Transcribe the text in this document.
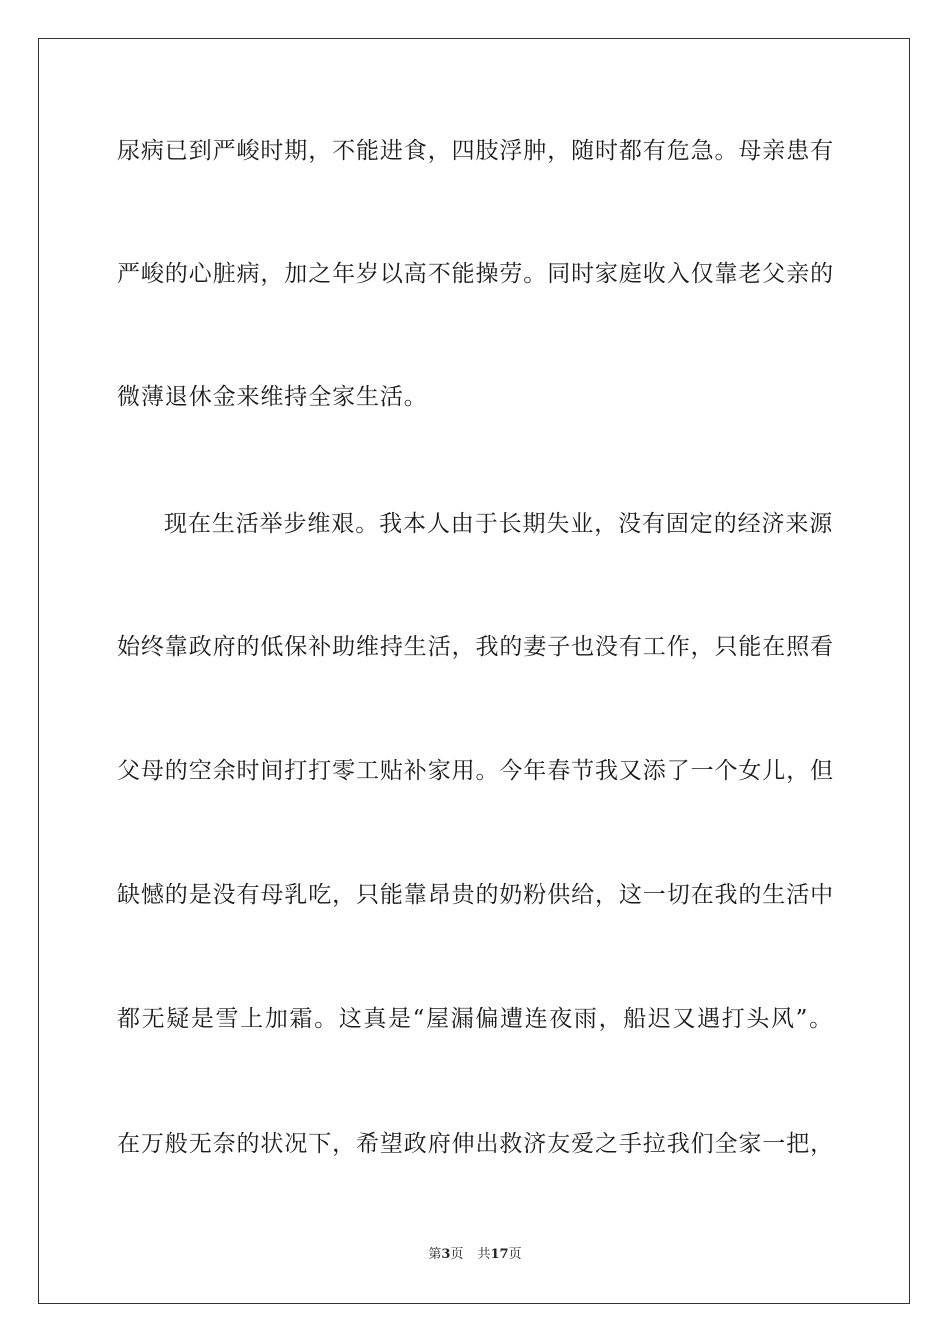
尿病已到严峻时期，不能进食，四肢浮肿，随时都有危急。母亲患有
严峻的心脏病，加之年岁以高不能操劳。同时家庭收入仅靠老父亲的
微薄退休金来维持全家生活。
现在生活举步维艰。我本人由于长期失业，没有固定的经济来源
始终靠政府的低保补助维持生活，我的妻子也没有工作，只能在照看
父母的空余时间打打零工贴补家用。今年春节我又添了一个女儿，但
缺憾的是没有母乳吃，只能靠昂贵的奶粉供给，这一切在我的生活中
都无疑是雪上加霜。这真是“屋漏偏遭连夜雨，船迟又遇打头风”。
在万般无奈的状况下，希望政府伸出救济友爱之手拉我们全家一把，
第3页 共17页
